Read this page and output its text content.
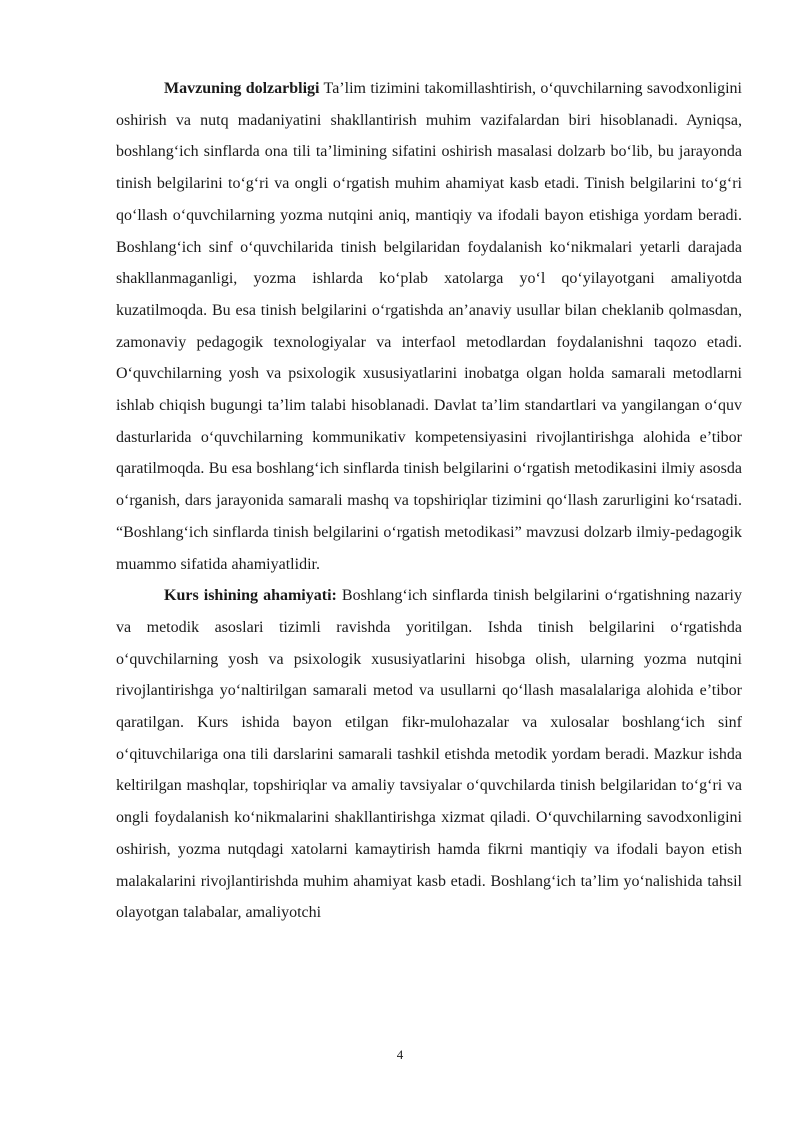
Mavzuning dolzarbligi Ta’lim tizimini takomillashtirish, o‘quvchilarning savodxonligini oshirish va nutq madaniyatini shakllantirish muhim vazifalardan biri hisoblanadi. Ayniqsa, boshlang‘ich sinflarda ona tili ta’limining sifatini oshirish masalasi dolzarb bo‘lib, bu jarayonda tinish belgilarini to‘g‘ri va ongli o‘rgatish muhim ahamiyat kasb etadi. Tinish belgilarini to‘g‘ri qo‘llash o‘quvchilarning yozma nutqini aniq, mantiqiy va ifodali bayon etishiga yordam beradi. Boshlang‘ich sinf o‘quvchilarida tinish belgilaridan foydalanish ko‘nikmalari yetarli darajada shakllanmaganligi, yozma ishlarda ko‘plab xatolarga yo‘l qo‘yilayotgani amaliyotda kuzatilmoqda. Bu esa tinish belgilarini o‘rgatishda an’anaviy usullar bilan cheklanib qolmasdan, zamonaviy pedagogik texnologiyalar va interfaol metodlardan foydalanishni taqozo etadi. O‘quvchilarning yosh va psixologik xususiyatlarini inobatga olgan holda samarali metodlarni ishlab chiqish bugungi ta’lim talabi hisoblanadi. Davlat ta’lim standartlari va yangilangan o‘quv dasturlarida o‘quvchilarning kommunikativ kompetensiyasini rivojlantirishga alohida e’tibor qaratilmoqda. Bu esa boshlang‘ich sinflarda tinish belgilarini o‘rgatish metodikasini ilmiy asosda o‘rganish, dars jarayonida samarali mashq va topshiriqlar tizimini qo‘llash zarurligini ko‘rsatadi. “Boshlang‘ich sinflarda tinish belgilarini o‘rgatish metodikasi” mavzusi dolzarb ilmiy-pedagogik muammo sifatida ahamiyatlidir.

Kurs ishining ahamiyati: Boshlang‘ich sinflarda tinish belgilarini o‘rgatishning nazariy va metodik asoslari tizimli ravishda yoritilgan. Ishda tinish belgilarini o‘rgatishda o‘quvchilarning yosh va psixologik xususiyatlarini hisobga olish, ularning yozma nutqini rivojlantirishga yo‘naltirilgan samarali metod va usullarni qo‘llash masalalariga alohida e’tibor qaratilgan. Kurs ishida bayon etilgan fikr-mulohazalar va xulosalar boshlang‘ich sinf o‘qituvchilariga ona tili darslarini samarali tashkil etishda metodik yordam beradi. Mazkur ishda keltirilgan mashqlar, topshiriqlar va amaliy tavsiyalar o‘quvchilarda tinish belgilaridan to‘g‘ri va ongli foydalanish ko‘nikmalarini shakllantirishga xizmat qiladi. O‘quvchilarning savodxonligini oshirish, yozma nutqdagi xatolarni kamaytirish hamda fikrni mantiqiy va ifodali bayon etish malakalarini rivojlantirishda muhim ahamiyat kasb etadi. Boshlang‘ich ta’lim yo‘nalishida tahsil olayotgan talabalar, amaliyotchi

4
